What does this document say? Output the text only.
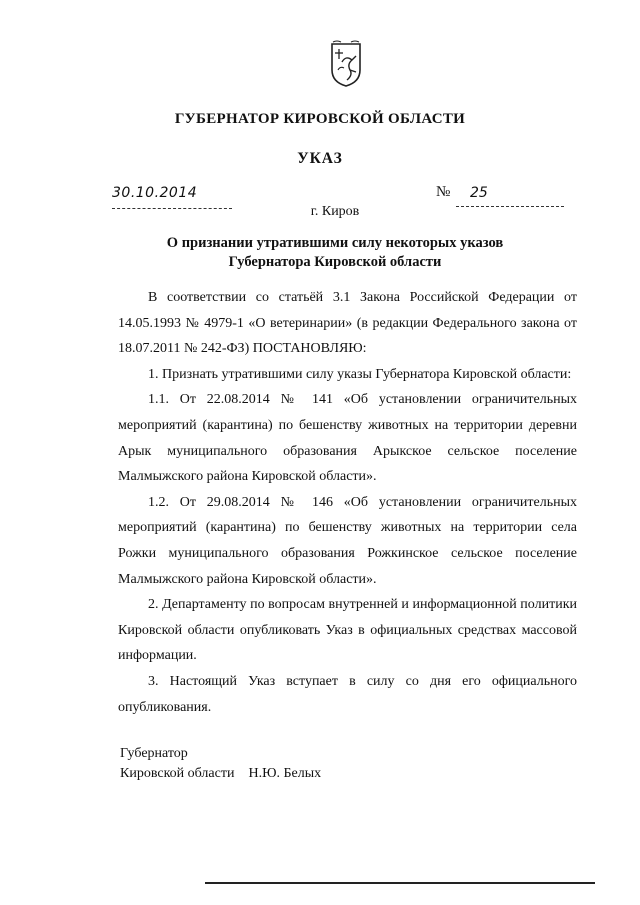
ГУБЕРНАТОР КИРОВСКОЙ ОБЛАСТИ
УКАЗ
30.10.2014	№	25
г. Киров
О признании утратившими силу некоторых указов
Губернатора Кировской области

В соответствии со статьёй 3.1 Закона Российской Федерации от 14.05.1993 № 4979-1 «О ветеринарии» (в редакции Федерального закона от 18.07.2011 № 242-ФЗ) ПОСТАНОВЛЯЮ:

1. Признать утратившими силу указы Губернатора Кировской области:

1.1. От 22.08.2014 № 141 «Об установлении ограничительных мероприятий (карантина) по бешенству животных на территории деревни Арык муниципального образования Арыкское сельское поселение Малмыжского района Кировской области».

1.2. От 29.08.2014 № 146 «Об установлении ограничительных мероприятий (карантина) по бешенству животных на территории села Рожки муниципального образования Рожкинское сельское поселение Малмыжского района Кировской области».

2. Департаменту по вопросам внутренней и информационной политики Кировской области опубликовать Указ в официальных средствах массовой информации.

3. Настоящий Указ вступает в силу со дня его официального опубликования.

Губернатор
Кировской области Н.Ю. Белых
